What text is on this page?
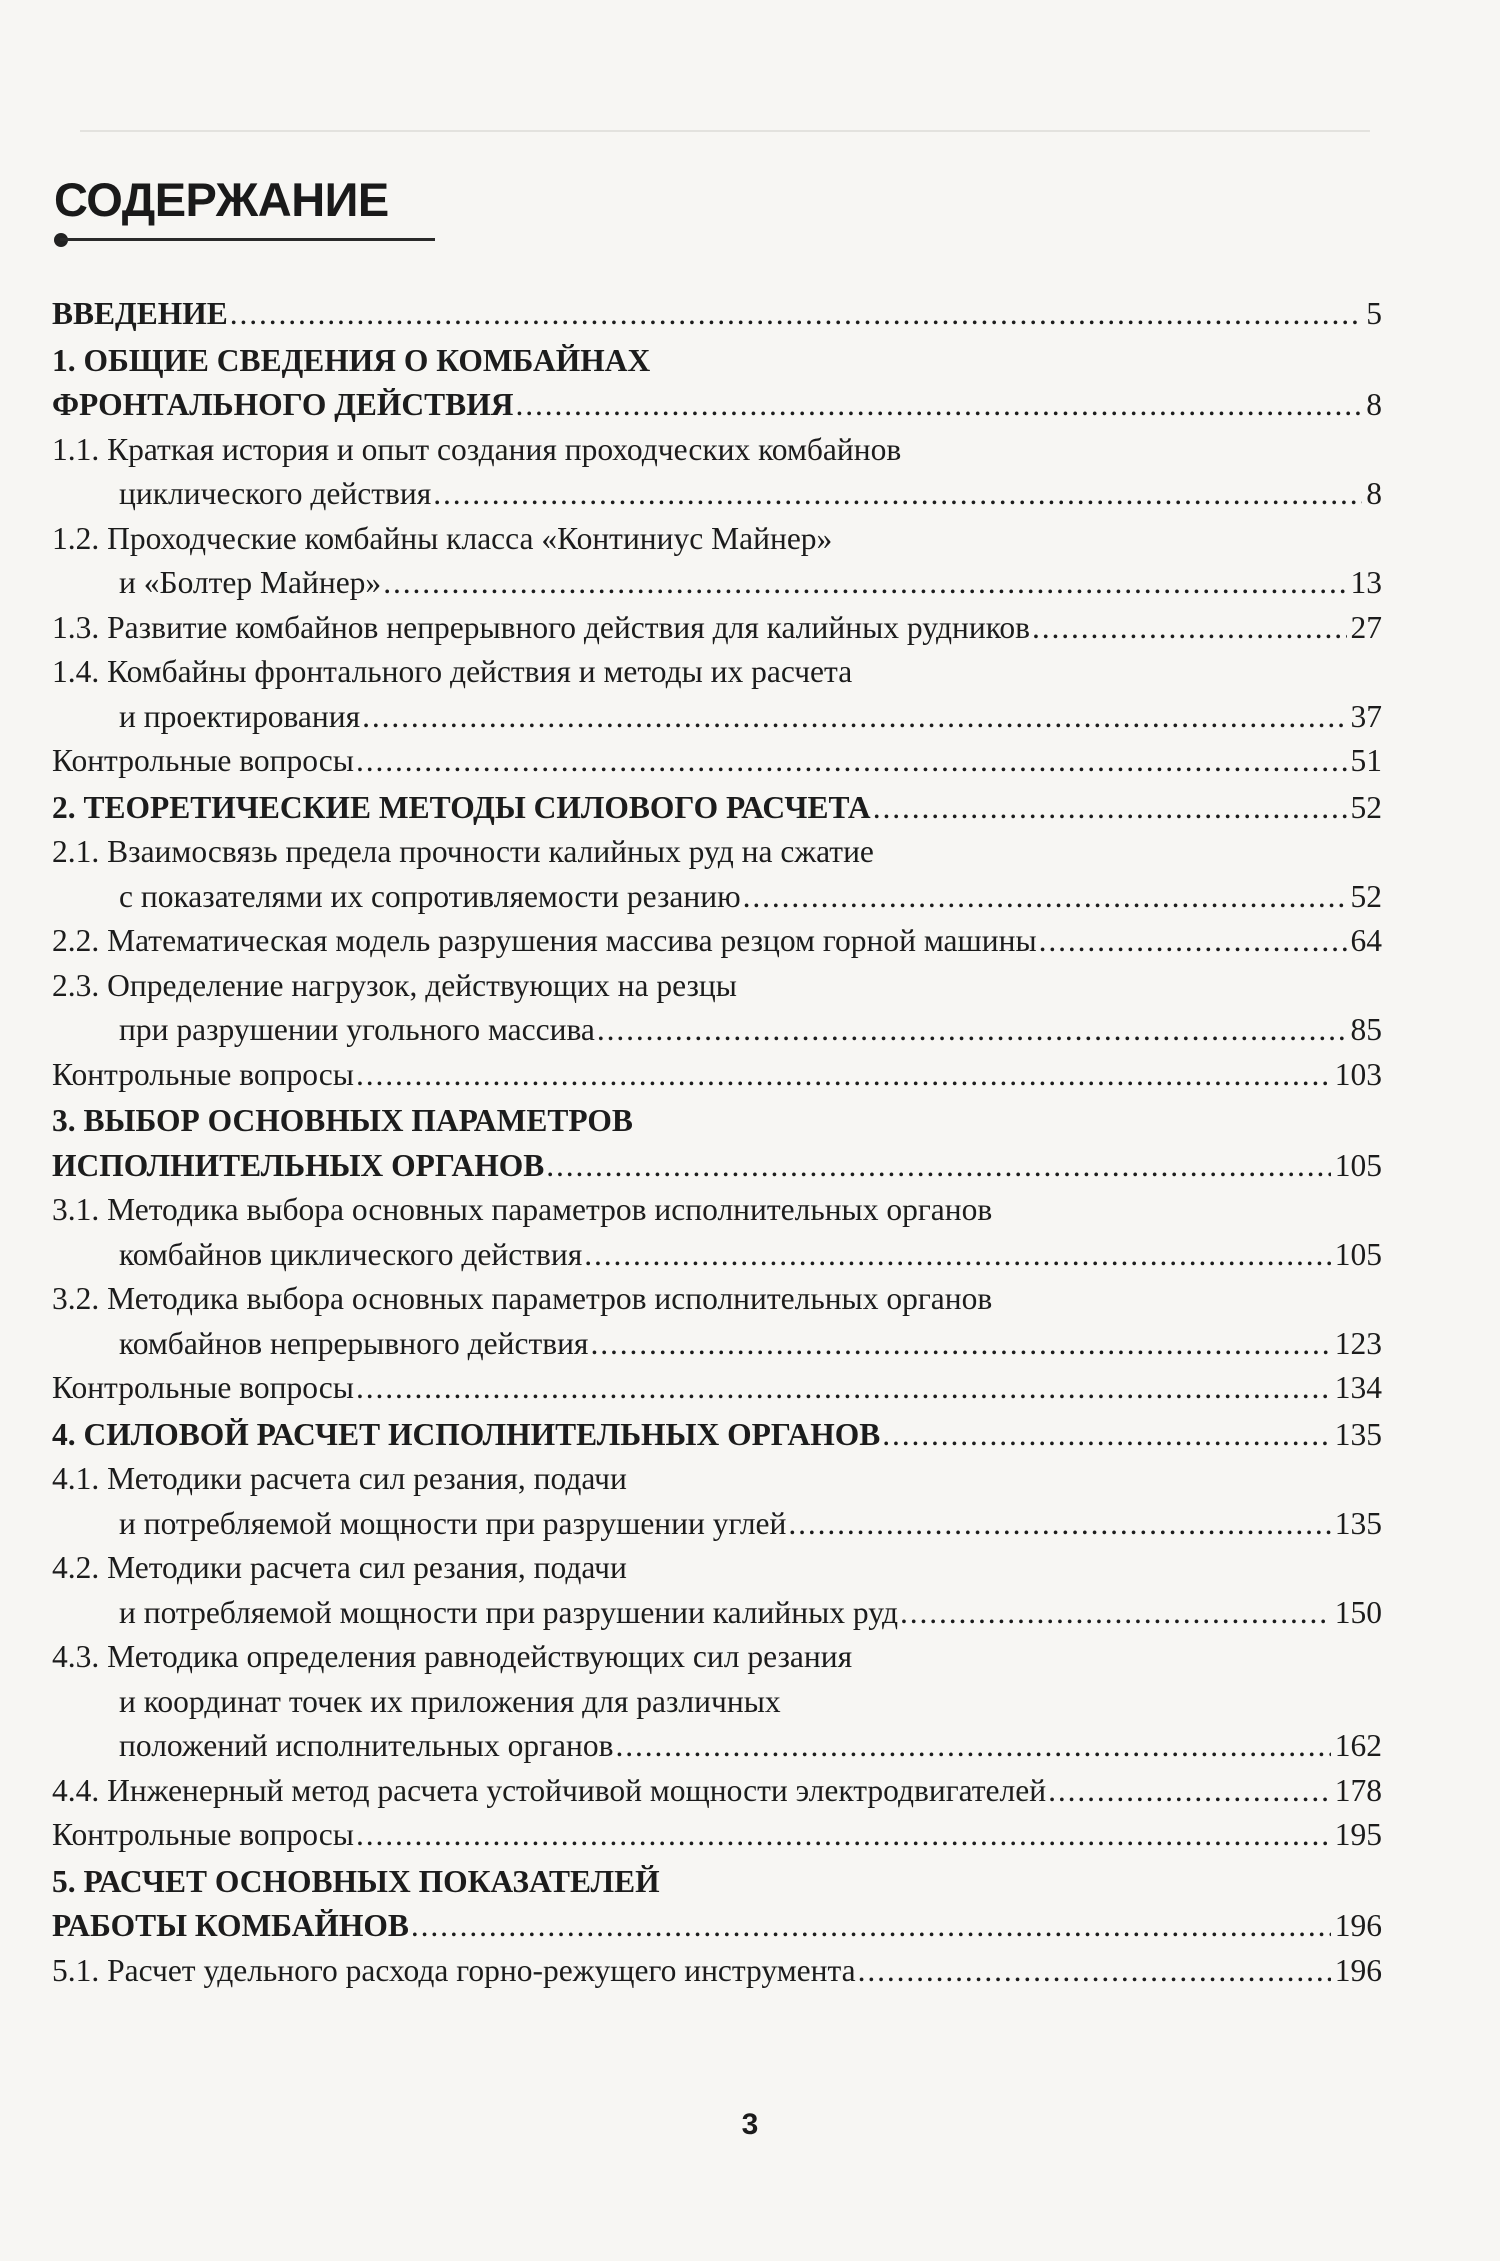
СОДЕРЖАНИЕ
ВВЕДЕНИЕ . . .	5
1. ОБЩИЕ СВЕДЕНИЯ О КОМБАЙНАХ
ФРОНТАЛЬНОГО ДЕЙСТВИЯ . . .	8
1.1. Краткая история и опыт создания проходческих комбайнов
циклического действия . . .	8
1.2. Проходческие комбайны класса «Континиус Майнер»
и «Болтер Майнер» . . .	13
1.3. Развитие комбайнов непрерывного действия для калийных рудников . . .	27
1.4. Комбайны фронтального действия и методы их расчета
и проектирования . . .	37
Контрольные вопросы . . .	51
2. ТЕОРЕТИЧЕСКИЕ МЕТОДЫ СИЛОВОГО РАСЧЕТА . . .	52
2.1. Взаимосвязь предела прочности калийных руд на сжатие
с показателями их сопротивляемости резанию . . .	52
2.2. Математическая модель разрушения массива резцом горной машины . . .	64
2.3. Определение нагрузок, действующих на резцы
при разрушении угольного массива . . .	85
Контрольные вопросы . . .	103
3. ВЫБОР ОСНОВНЫХ ПАРАМЕТРОВ
ИСПОЛНИТЕЛЬНЫХ ОРГАНОВ . . .	105
3.1. Методика выбора основных параметров исполнительных органов
комбайнов циклического действия . . .	105
3.2. Методика выбора основных параметров исполнительных органов
комбайнов непрерывного действия . . .	123
Контрольные вопросы . . .	134
4. СИЛОВОЙ РАСЧЕТ ИСПОЛНИТЕЛЬНЫХ ОРГАНОВ . . .	135
4.1. Методики расчета сил резания, подачи
и потребляемой мощности при разрушении углей . . .	135
4.2. Методики расчета сил резания, подачи
и потребляемой мощности при разрушении калийных руд . . .	150
4.3. Методика определения равнодействующих сил резания
и координат точек их приложения для различных
положений исполнительных органов . . .	162
4.4. Инженерный метод расчета устойчивой мощности электродвигателей . . .	178
Контрольные вопросы . . .	195
5. РАСЧЕТ ОСНОВНЫХ ПОКАЗАТЕЛЕЙ
РАБОТЫ КОМБАЙНОВ . . .	196
5.1. Расчет удельного расхода горно-режущего инструмента . . .	196
3
